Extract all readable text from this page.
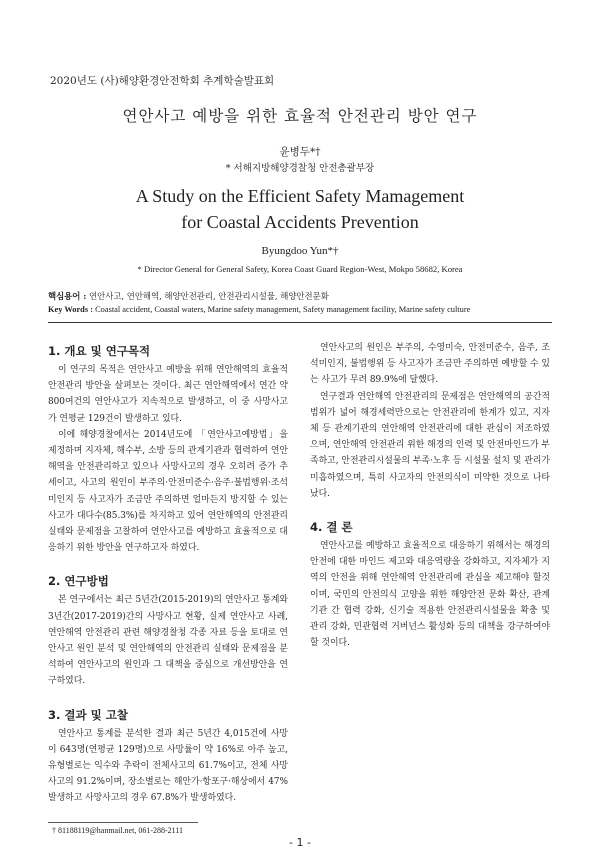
2020년도 (사)해양환경안전학회 추계학술발표회
연안사고 예방을 위한 효율적 안전관리 방안 연구
윤병두*†
* 서해지방해양경찰청 안전총괄부장
A Study on the Efficient Safety Mamagement
for Coastal Accidents Prevention
Byungdoo Yun*†
* Director General for General Safety, Korea Coast Guard Region-West, Mokpo 58682, Korea
핵심용어 : 연안사고, 연안해역, 해양안전관리, 안전관리시설물, 해양안전문화
Key Words : Coastal accident, Coastal waters, Marine safety management, Safety management facility, Marine safety culture
1. 개요 및 연구목적

이 연구의 목적은 연안사고 예방을 위해 연안해역의 효율적 안전관리 방안을 살펴보는 것이다. 최근 연안해역에서 연간 약 800여건의 연안사고가 지속적으로 발생하고, 이 중 사망사고가 연평균 129건이 발생하고 있다.

이에 해양경찰에서는 2014년도에 「연안사고예방법」을 제정하며 지자체, 해수부, 소방 등의 관계기관과 협력하여 연안해역을 안전관리하고 있으나 사망사고의 경우 오히려 증가 추세이고, 사고의 원인이 부주의·안전미준수·음주·불법행위·조석미인지 등 사고자가 조금만 주의하면 얼마든지 방지할 수 있는 사고가 대다수(85.3%)를 차지하고 있어 연안해역의 안전관리 실태와 문제점을 고찰하여 연안사고를 예방하고 효율적으로 대응하기 위한 방안을 연구하고자 하였다.

2. 연구방법

본 연구에서는 최근 5년간(2015-2019)의 연안사고 통계와 3년간(2017-2019)간의 사망사고 현황, 실제 연안사고 사례, 연안해역 안전관리 관련 해양경찰청 각종 자료 등을 토대로 연안사고 원인 분석 및 연안해역의 안전관리 실태와 문제점을 분석하여 연안사고의 원인과 그 대책을 중심으로 개선방안을 연구하였다.

3. 결과 및 고찰

연안사고 통계를 분석한 결과 최근 5년간 4,015건에 사망이 643명(연평균 129명)으로 사망률이 약 16%로 아주 높고, 유형별로는 익수와 추락이 전체사고의 61.7%이고, 전체 사망사고의 91.2%이며, 장소별로는 해안가·항포구·해상에서 47% 발생하고 사망사고의 경우 67.8%가 발생하였다.

연안사고의 원인은 부주의, 수영미숙, 안전미준수, 음주, 조석미인지, 불법행위 등 사고자가 조금만 주의하면 예방할 수 있는 사고가 무려 89.9%에 달했다.

연구결과 연안해역 안전관리의 문제점은 연안해역의 공간적 범위가 넓어 해경세력만으로는 안전관리에 한계가 있고, 지자체 등 관계기관의 연안해역 안전관리에 대한 관심이 저조하였으며, 연안해역 안전관리 위한 해경의 인력 및 안전마인드가 부족하고, 안전관리시설물의 부족·노후 등 시설물 설치 및 관리가 미흡하였으며, 특히 사고자의 안전의식이 미약한 것으로 나타났다.

4. 결 론

연안사고를 예방하고 효율적으로 대응하기 위해서는 해경의 안전에 대한 마인드 제고와 대응역량을 강화하고, 지자체가 지역의 안전을 위해 연안해역 안전관리에 관심을 제고해야 할것이며, 국민의 안전의식 고양을 위한 해양안전 문화 확산, 관계기관 간 협력 강화, 신기술 적용한 안전관리시설물을 확충 및 관리 강화, 민관협력 거버넌스 활성화 등의 대책을 강구하여야 할 것이다.

† 81188119@hanmail.net, 061-288-2111
- 1 -
